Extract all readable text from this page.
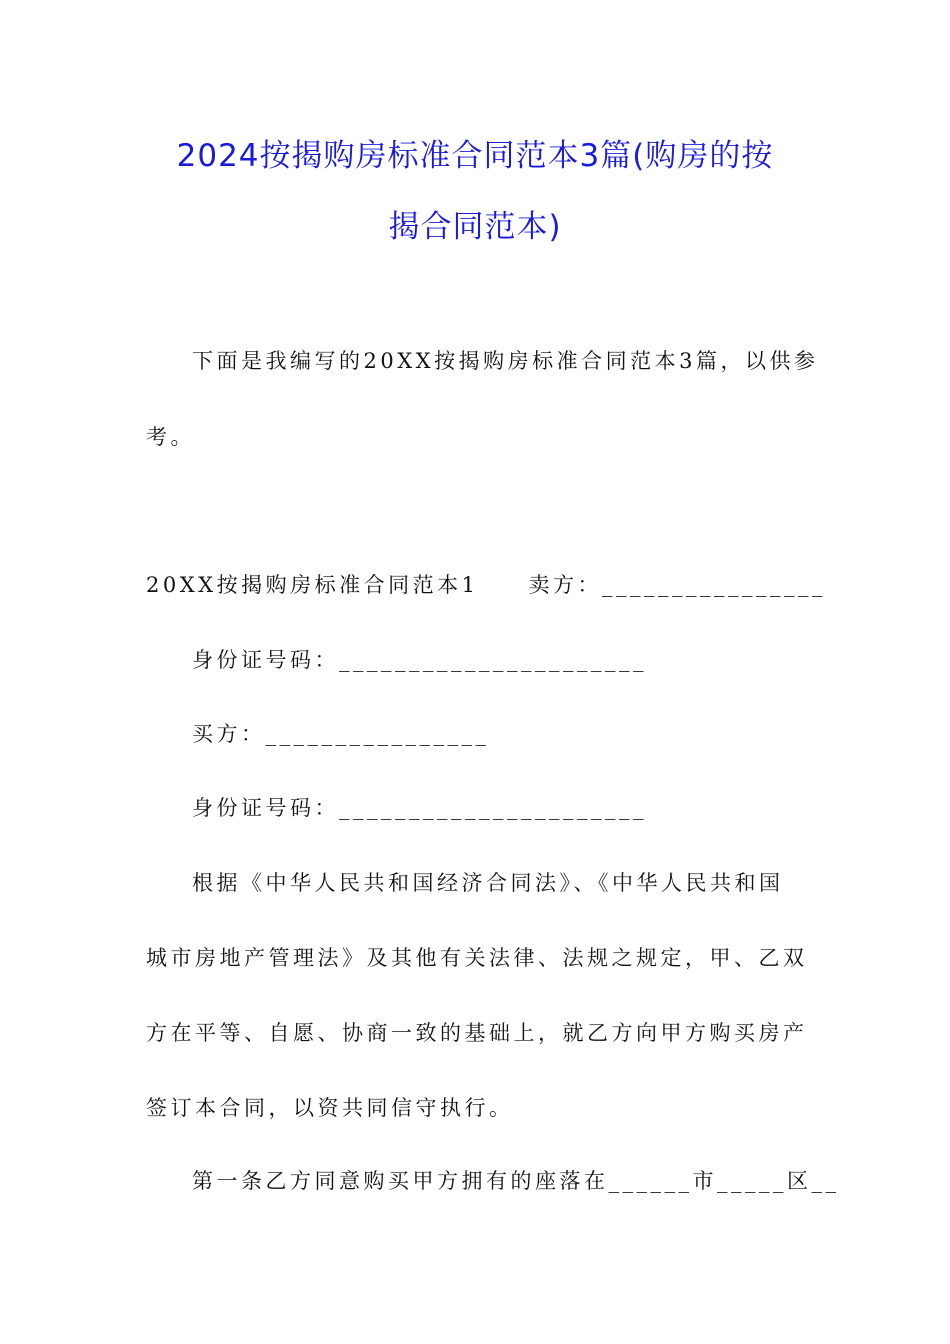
2024按揭购房标准合同范本3篇(购房的按
揭合同范本)

下面是我编写的20XX按揭购房标准合同范本3篇，以供参

考。

20XX按揭购房标准合同范本1 卖方：________________

身份证号码：______________________

买方：________________

身份证号码：______________________

根据《中华人民共和国经济合同法》、《中华人民共和国

城市房地产管理法》及其他有关法律、法规之规定，甲、乙双

方在平等、自愿、协商一致的基础上，就乙方向甲方购买房产

签订本合同，以资共同信守执行。

第一条乙方同意购买甲方拥有的座落在______市_____区__
